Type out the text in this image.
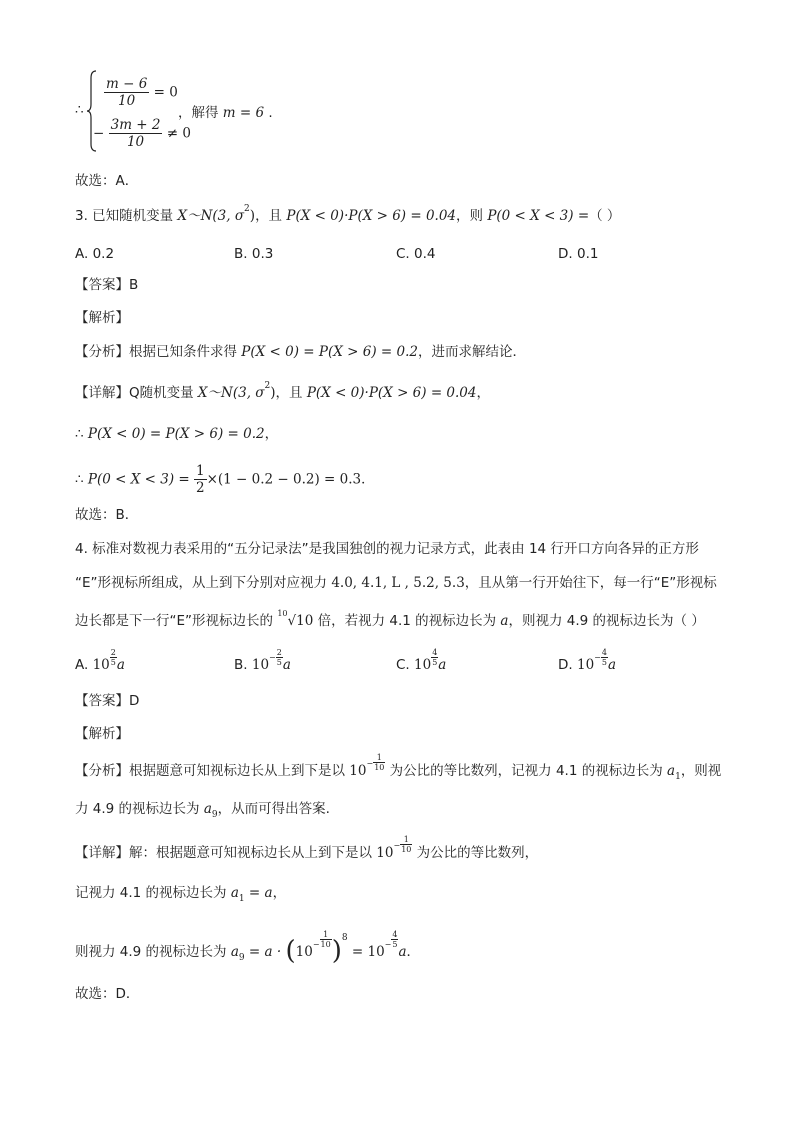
∴
$\frac{m - 6}{10} = 0$
− $\frac{3m + 2}{10} \ne 0$
，解得 m = 6 .
故选：A．
3. 已知随机变量 X～N(3, $\sigma^2$)，且 P(X < 0)·P(X > 6) = 0.04，则 P(0 < X < 3) =（ ）
A. 0.2	B. 0.3	C. 0.4	D. 0.1
【答案】B
【解析】
【分析】根据已知条件求得 P(X < 0) = P(X > 6) = 0.2，进而求解结论．
【详解】Q随机变量 X～N(3, $\sigma^2$)，且 P(X < 0)·P(X > 6) = 0.04，
∴ P(X < 0) = P(X > 6) = 0.2，
∴ $P(0 < X < 3) = \frac{1}{2} \times(1 - 0.2 - 0.2) = 0.3$．
故选：B．
4. 标准对数视力表采用的“五分记录法”是我国独创的视力记录方式，此表由 14 行开口方向各异的正方形
“E”形视标所组成，从上到下分别对应视力 4.0, 4.1, L , 5.2, 5.3，且从第一行开始往下，每一行“E”形视标
边长都是下一行“E”形视标边长的 $^{10}$√10 倍，若视力 4.1 的视标边长为 a，则视力 4.9 的视标边长为（ ）
A. $10 \frac{2}{5}$ a	B. $10^- \frac{2}{5}$ a	C. $10 \frac{4}{5}$ a	D. $10^- \frac{4}{5}$ a
【答案】D
【解析】
【分析】根据题意可知视标边长从上到下是以 $10^- \frac{1}{10}$ 为公比的等比数列，记视力 4.1 的视标边长为 $a_1$，则视
力 4.9 的视标边长为 $a_9$，从而可得出答案.
【详解】解：根据题意可知视标边长从上到下是以 $10^- \frac{1}{10}$ 为公比的等比数列，
记视力 4.1 的视标边长为 $a_1 = a$，
则视力 4.9 的视标边长为 $a_9 = a \cdot (10^- \frac{1}{10} )^8 = 10^- \frac{4}{5}$
a．
故选：D．
